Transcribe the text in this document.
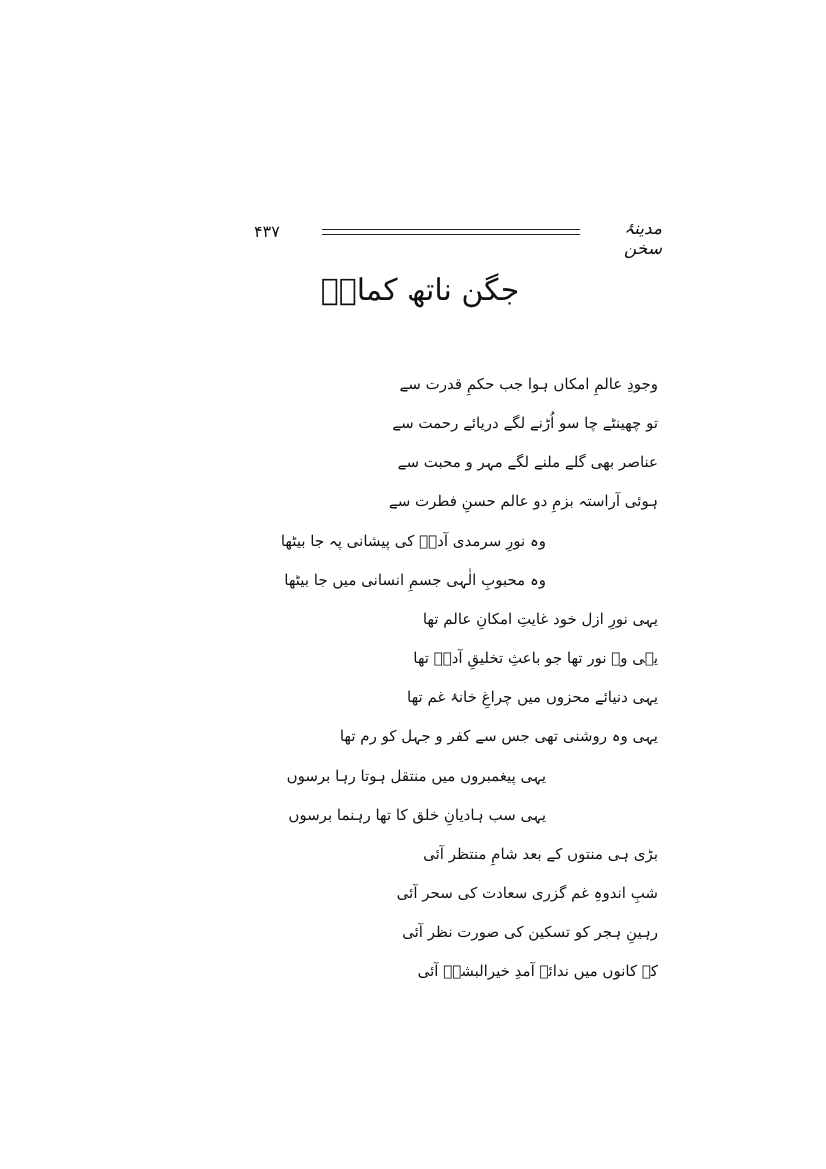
۴۳۷	مدینۂ سخن
جگن ناتھ کمالؔ
وجودِ عالمِ امکاں ہوا جب حکمِ قدرت سے
تو چھینٹے چا سو اُڑنے لگے دریائے رحمت سے
عناصر بھی گلے ملنے لگے مہر و محبت سے
ہوئی آراستہ بزمِ دو عالم حسنِ فطرت سے
وہ نورِ سرمدی آدمؑ کی پیشانی پہ جا بیٹھا
وہ محبوبِ الٰہی جسمِ انسانی میں جا بیٹھا
یہی نورِ ازل خود غایتِ امکانِ عالم تھا
یہی وہ نور تھا جو باعثِ تخلیقِ آدمؑ تھا
یہی دنیائے محزوں میں چراغِ خانۂ غم تھا
یہی وہ روشنی تھی جس سے کفر و جہل کو رم تھا
یہی پیغمبروں میں منتقل ہوتا رہا برسوں
یہی سب ہادیانِ خلق کا تھا رہنما برسوں
بڑی ہی منتوں کے بعد شامِ منتظر آئی
شبِ اندوہِ غم گزری سعادت کی سحر آئی
رہینِ ہجر کو تسکین کی صورت نظر آئی
کہ کانوں میں ندائے آمدِ خیرالبشرؐ آئی
